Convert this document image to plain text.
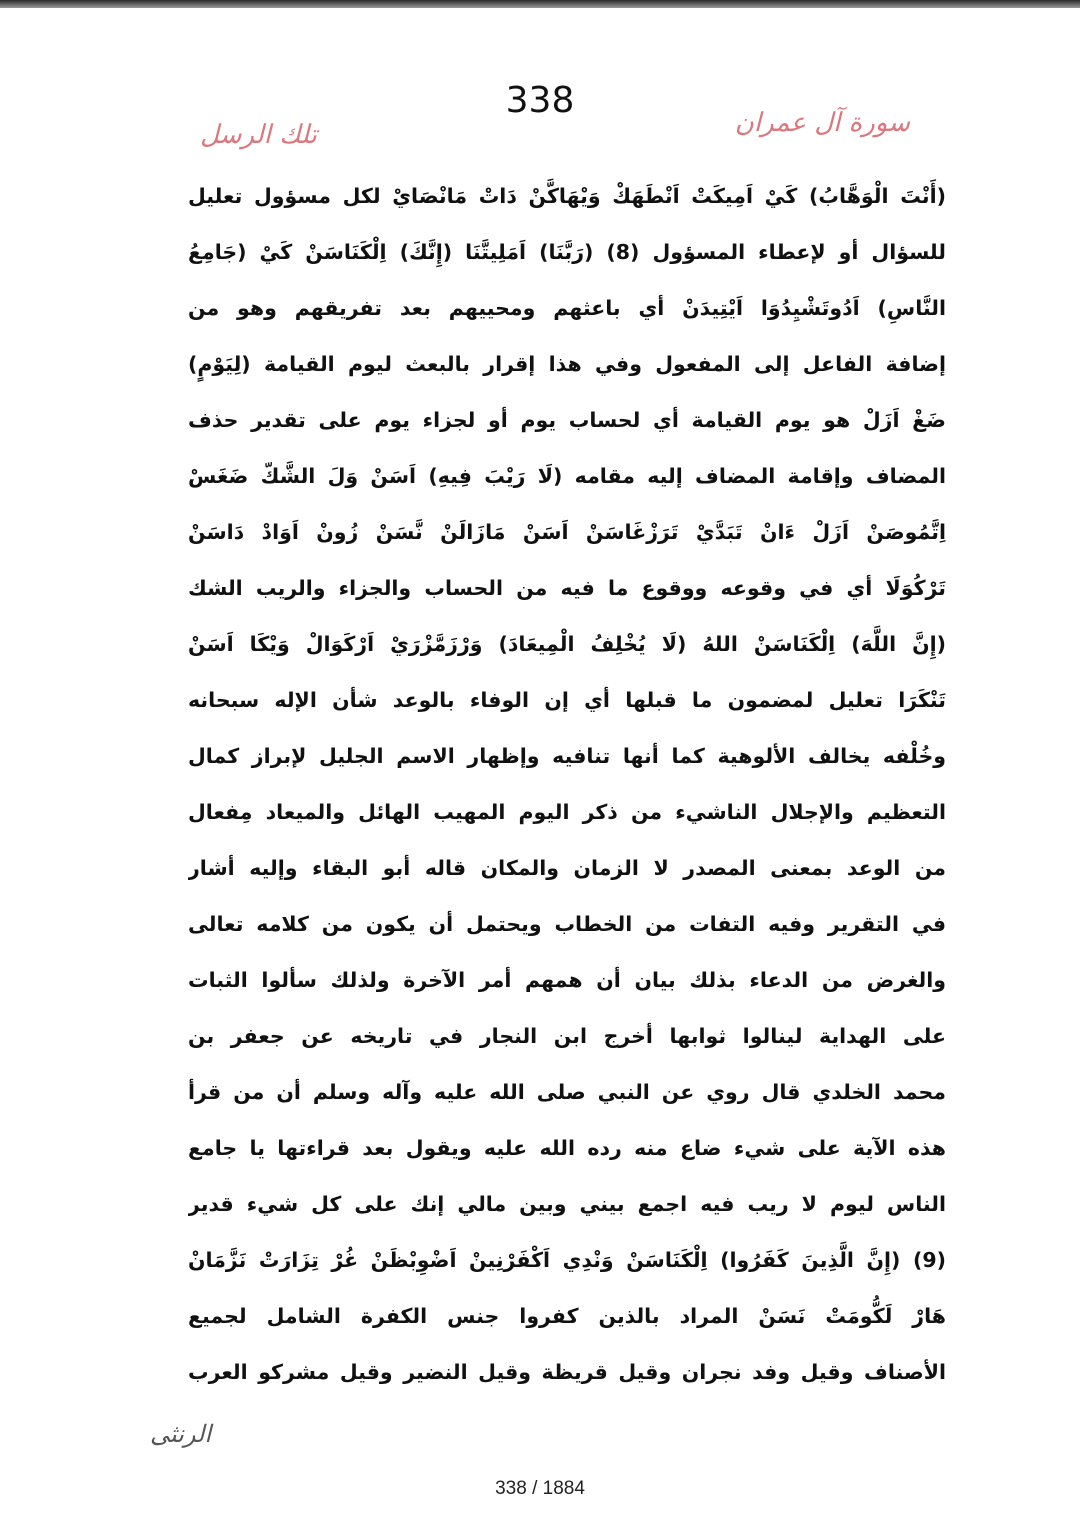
338
سورة آل عمران
تلك الرسل
(أَنْتَ الْوَهَّابُ) كَيْ اَمِيكَتْ اَنْطَهَكْ وَيْهَاكَّنْ دَاتْ مَانْصَايْ لكل مسؤول تعليل
للسؤال أو لإعطاء المسؤول (8) (رَبَّنَا) اَمَلِيتَّنَا (إِنَّكَ) اِلْكَنَاسَنْ كَيْ (جَامِعُ
النَّاسِ) اَدُوتَشْيِدُوَا اَيْتِيدَنْ أي باعثهم ومحييهم بعد تفريقهم وهو من
إضافة الفاعل إلى المفعول وفي هذا إقرار بالبعث ليوم القيامة (لِيَوْمٍ)
ضَغْ اَزَلْ هو يوم القيامة أي لحساب يوم أو لجزاء يوم على تقدير حذف
المضاف وإقامة المضاف إليه مقامه (لَا رَيْبَ فِيهِ) اَسَنْ وَلَ الشَّكّ ضَغَسْ
اِتَّمُوصَنْ اَزَلْ ءَانْ تَبَدَّيْ تَرَزْغَاسَنْ اَسَنْ مَازَالَنْ نَّسَنْ زُونْ اَوَادْ دَاسَنْ
تَرْكُوَلَا أي في وقوعه ووقوع ما فيه من الحساب والجزاء والريب الشك
(إِنَّ اللَّهَ) اِلْكَنَاسَنْ اللهُ (لَا يُخْلِفُ الْمِيعَادَ) وَرْزَمَّزْرَيْ اَرْكَوَالْ وَيْكَا اَسَنْ
تَنْكَرَا تعليل لمضمون ما قبلها أي إن الوفاء بالوعد شأن الإله سبحانه
وخُلْفه يخالف الألوهية كما أنها تنافيه وإظهار الاسم الجليل لإبراز كمال
التعظيم والإجلال الناشيء من ذكر اليوم المهيب الهائل والميعاد مِفعال
من الوعد بمعنى المصدر لا الزمان والمكان قاله أبو البقاء وإليه أشار
في التقرير وفيه التفات من الخطاب ويحتمل أن يكون من كلامه تعالى
والغرض من الدعاء بذلك بيان أن همهم أمر الآخرة ولذلك سألوا الثبات
على الهداية لينالوا ثوابها أخرج ابن النجار في تاريخه عن جعفر بن
محمد الخلدي قال روي عن النبي صلى الله عليه وآله وسلم أن من قرأ
هذه الآية على شيء ضاع منه رده الله عليه ويقول بعد قراءتها يا جامع
الناس ليوم لا ريب فيه اجمع بيني وبين مالي إنك على كل شيء قدير
(9) (إِنَّ الَّذِينَ كَفَرُوا) اِلْكَنَاسَنْ وَنْدِي اَكْفَرْنِينْ اَضْوِبْظَنْ غُرْ تِزَارَتْ نَزَّمَانْ
هَارْ لَكُّومَتْ نَسَنْ المراد بالذين كفروا جنس الكفرة الشامل لجميع
الأصناف وقيل وفد نجران وقيل قريظة وقيل النضير وقيل مشركو العرب
الرنثى
338 / 1884
